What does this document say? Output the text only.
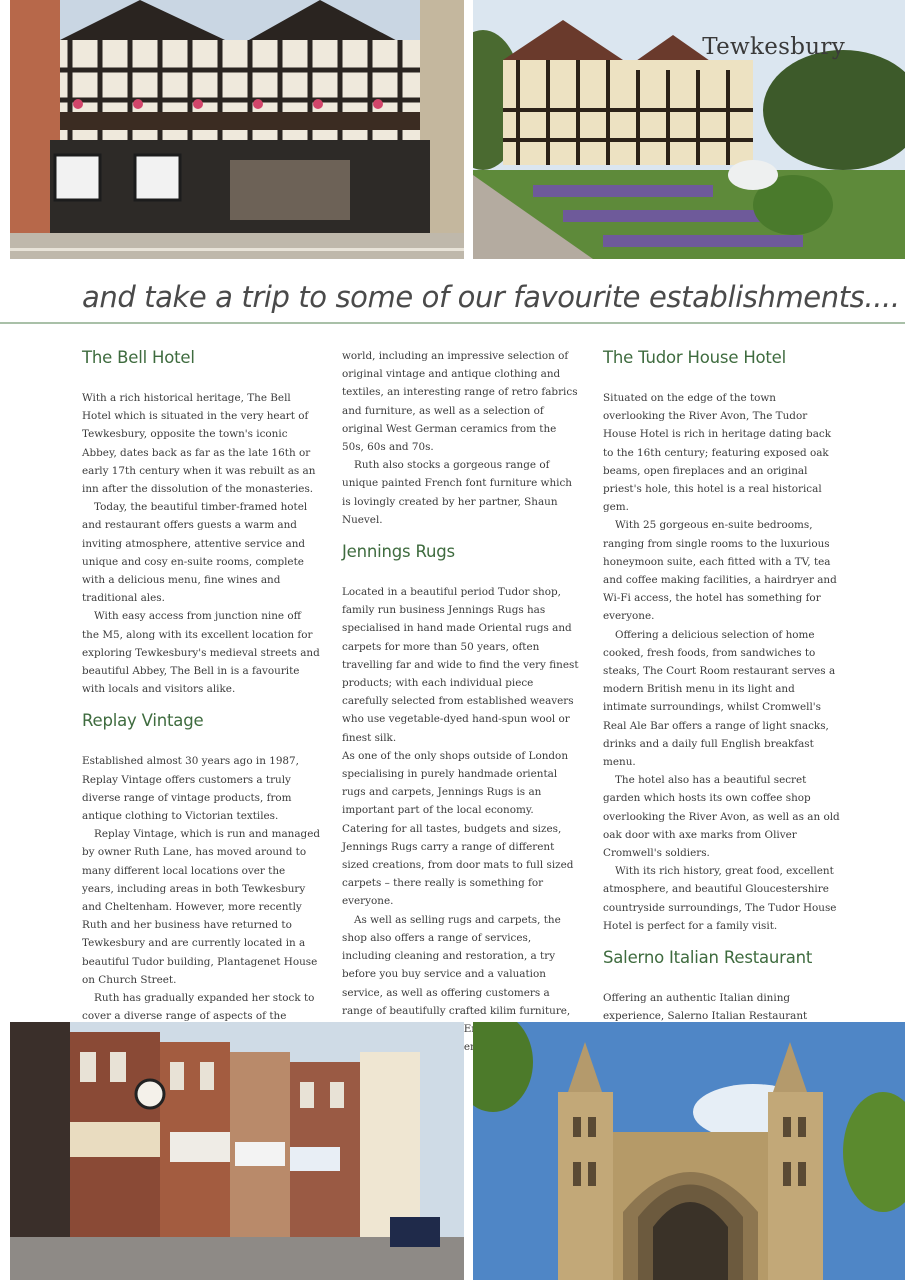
Tewkesbury
and take a trip to some of our favourite establishments....
The Bell Hotel

With a rich historical heritage, The Bell Hotel which is situated in the very heart of Tewkesbury, opposite the town's iconic Abbey, dates back as far as the late 16th or early 17th century when it was rebuilt as an inn after the dissolution of the monasteries.

Today, the beautiful timber-framed hotel and restaurant offers guests a warm and inviting atmosphere, attentive service and unique and cosy en-suite rooms, complete with a delicious menu, fine wines and traditional ales.

With easy access from junction nine off the M5, along with its excellent location for exploring Tewkesbury's medieval streets and beautiful Abbey, The Bell in is a favourite with locals and visitors alike.

Replay Vintage

Established almost 30 years ago in 1987, Replay Vintage offers customers a truly diverse range of vintage products, from antique clothing to Victorian textiles.

Replay Vintage, which is run and managed by owner Ruth Lane, has moved around to many different local locations over the years, including areas in both Tewkesbury and Cheltenham. However, more recently Ruth and her business have returned to Tewkesbury and are currently located in a beautiful Tudor building, Plantagenet House on Church Street.

Ruth has gradually expanded her stock to cover a diverse range of aspects of the

world, including an impressive selection of original vintage and antique clothing and textiles, an interesting range of retro fabrics and furniture, as well as a selection of original West German ceramics from the 50s, 60s and 70s.

Ruth also stocks a gorgeous range of unique painted French font furniture which is lovingly created by her partner, Shaun Nuevel.

Jennings Rugs

Located in a beautiful period Tudor shop, family run business Jennings Rugs has specialised in hand made Oriental rugs and carpets for more than 50 years, often travelling far and wide to find the very finest products; with each individual piece carefully selected from established weavers who use vegetable-dyed hand-spun wool or finest silk.

As one of the only shops outside of London specialising in purely handmade oriental rugs and carpets, Jennings Rugs is an important part of the local economy. Catering for all tastes, budgets and sizes, Jennings Rugs carry a range of different sized creations, from door mats to full sized carpets – there really is something for everyone.

As well as selling rugs and carpets, the shop also offers a range of services, including cleaning and restoration, a try before you buy service and a valuation service, as well as offering customers a range of beautifully crafted kilim furniture,

The Tudor House Hotel

Situated on the edge of the town overlooking the River Avon, The Tudor House Hotel is rich in heritage dating back to the 16th century; featuring exposed oak beams, open fireplaces and an original priest's hole, this hotel is a real historical gem.

With 25 gorgeous en-suite bedrooms, ranging from single rooms to the luxurious honeymoon suite, each fitted with a TV, tea and coffee making facilities, a hairdryer and Wi-Fi access, the hotel has something for everyone.

Offering a delicious selection of home cooked, fresh foods, from sandwiches to steaks, The Court Room restaurant serves a modern British menu in its light and intimate surroundings, whilst Cromwell's Real Ale Bar offers a range of light snacks, drinks and a daily full English breakfast menu.

The hotel also has a beautiful secret garden which hosts its own coffee shop overlooking the River Avon, as well as an old oak door with axe marks from Oliver Cromwell's soldiers.

With its rich history, great food, excellent atmosphere, and beautiful Gloucestershire countryside surroundings, The Tudor House Hotel is perfect for a family visit.

Salerno Italian Restaurant

Offering an authentic Italian dining experience, Salerno Italian Restaurant
